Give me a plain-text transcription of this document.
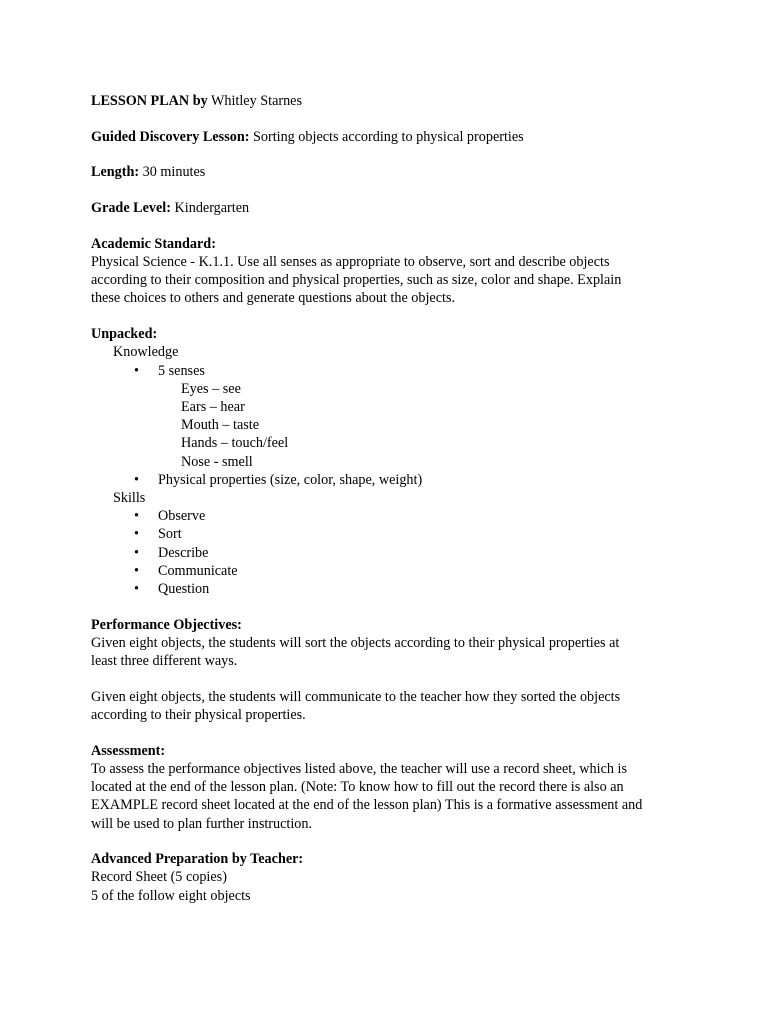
LESSON PLAN by Whitley Starnes
Guided Discovery Lesson: Sorting objects according to physical properties
Length: 30 minutes
Grade Level: Kindergarten
Academic Standard:
Physical Science - K.1.1. Use all senses as appropriate to observe, sort and describe objects
according to their composition and physical properties, such as size, color and shape. Explain
these choices to others and generate questions about the objects.
Unpacked:
Knowledge
• 5 senses
Eyes – see
Ears – hear
Mouth – taste
Hands – touch/feel
Nose - smell
• Physical properties (size, color, shape, weight)
Skills
• Observe
• Sort
• Describe
• Communicate
• Question
Performance Objectives:
Given eight objects, the students will sort the objects according to their physical properties at
least three different ways.
Given eight objects, the students will communicate to the teacher how they sorted the objects
according to their physical properties.
Assessment:
To assess the performance objectives listed above, the teacher will use a record sheet, which is
located at the end of the lesson plan. (Note: To know how to fill out the record there is also an
EXAMPLE record sheet located at the end of the lesson plan) This is a formative assessment and
will be used to plan further instruction.
Advanced Preparation by Teacher:
Record Sheet (5 copies)
5 of the follow eight objects
